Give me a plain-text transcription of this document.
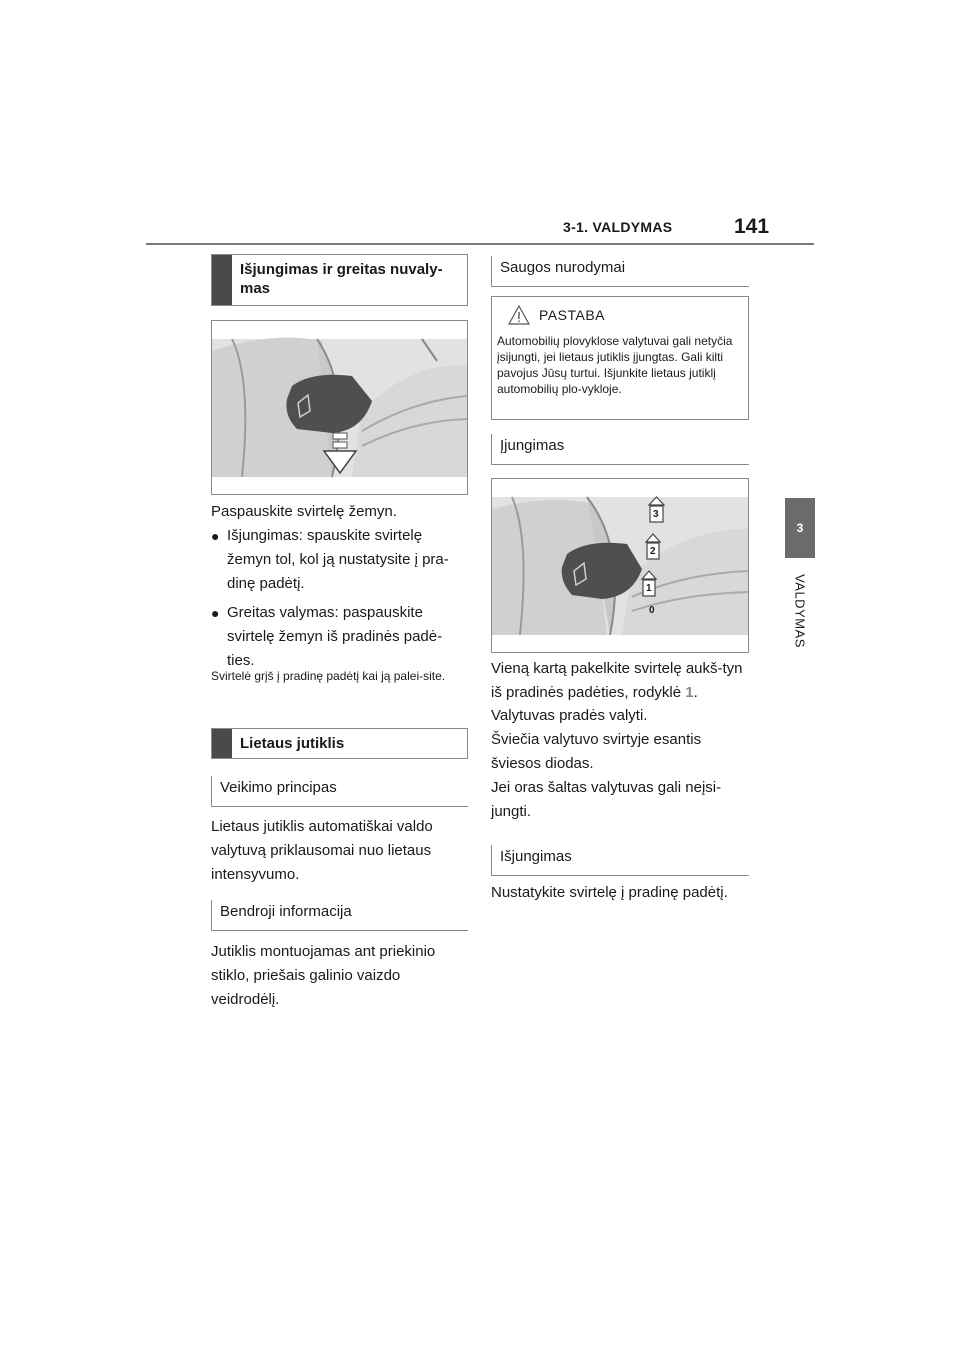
3-1. VALDYMAS	141
3
VALDYMAS
Išjungimas ir greitas nuvaly-
mas
Paspauskite svirtelę žemyn.
● Išjungimas: spauskite svirtelę žemyn tol, kol ją nustatysite į pra-dinę padėtį.
● Greitas valymas: paspauskite svirtelę žemyn iš pradinės padė-ties.
Svirtelė grįš į pradinę padėtį kai ją palei-site.
Lietaus jutiklis
Veikimo principas
Lietaus jutiklis automatiškai valdo valytuvą priklausomai nuo lietaus intensyvumo.
Bendroji informacija
Jutiklis montuojamas ant priekinio stiklo, priešais galinio vaizdo veidrodėlį.
Saugos nurodymai
PASTABA
Automobilių plovyklose valytuvai gali netyčia įsijungti, jei lietaus jutiklis įjungtas. Gali kilti pavojus Jūsų turtui. Išjunkite lietaus jutiklį automobilių plo-vykloje.
Įjungimas
3
2
1
0
Vieną kartą pakelkite svirtelę aukš-tyn iš pradinės padėties, rodyklė 1.
Valytuvas pradės valyti.
Šviečia valytuvo svirtyje esantis šviesos diodas.
Jei oras šaltas valytuvas gali neįsi-jungti.
Išjungimas
Nustatykite svirtelę į pradinę padėtį.
